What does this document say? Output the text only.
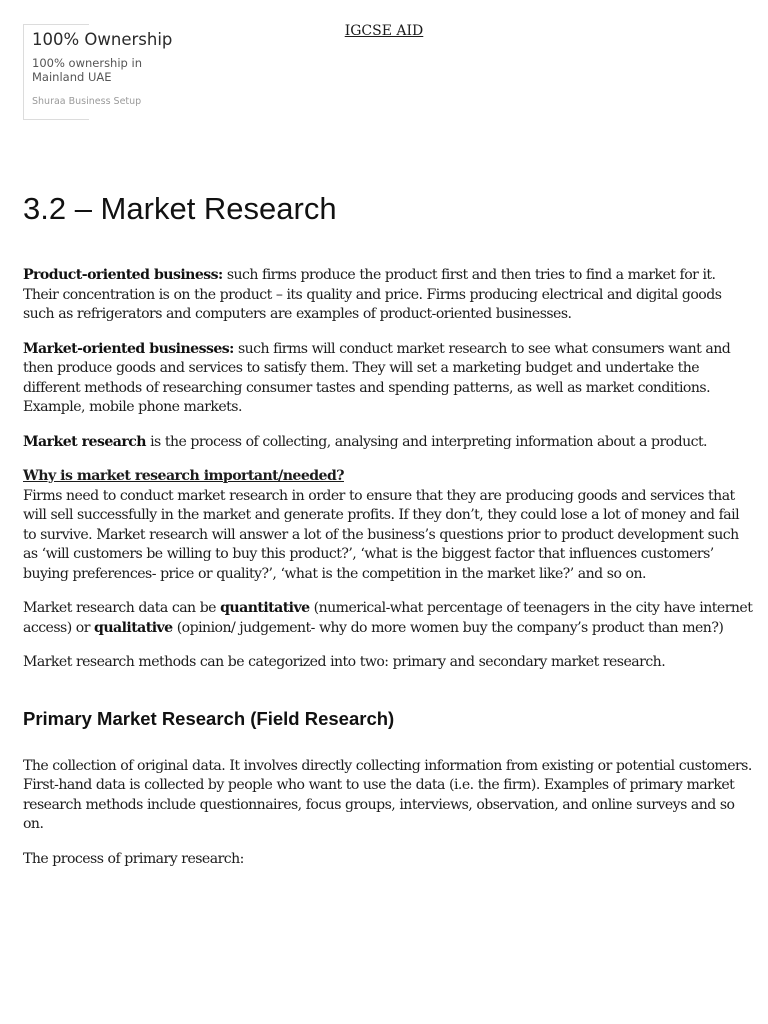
100% Ownership
100% ownership in
Mainland UAE
Shuraa Business Setup

IGCSE AID

3.2 – Market Research

Product-oriented business: such firms produce the product first and then tries to find a market for it. Their concentration is on the product – its quality and price. Firms producing electrical and digital goods such as refrigerators and computers are examples of product-oriented businesses.

Market-oriented businesses: such firms will conduct market research to see what consumers want and then produce goods and services to satisfy them. They will set a marketing budget and undertake the different methods of researching consumer tastes and spending patterns, as well as market conditions. Example, mobile phone markets.

Market research is the process of collecting, analysing and interpreting information about a product.

Why is market research important/needed?

Firms need to conduct market research in order to ensure that they are producing goods and services that will sell successfully in the market and generate profits. If they don’t, they could lose a lot of money and fail to survive. Market research will answer a lot of the business’s questions prior to product development such as ‘will customers be willing to buy this product?’, ‘what is the biggest factor that influences customers’ buying preferences- price or quality?’, ‘what is the competition in the market like?’ and so on.

Market research data can be quantitative (numerical-what percentage of teenagers in the city have internet access) or qualitative (opinion/ judgement- why do more women buy the company’s product than men?)

Market research methods can be categorized into two: primary and secondary market research.

Primary Market Research (Field Research)

The collection of original data. It involves directly collecting information from existing or potential customers. First-hand data is collected by people who want to use the data (i.e. the firm). Examples of primary market research methods include questionnaires, focus groups, interviews, observation, and online surveys and so on.

The process of primary research:
